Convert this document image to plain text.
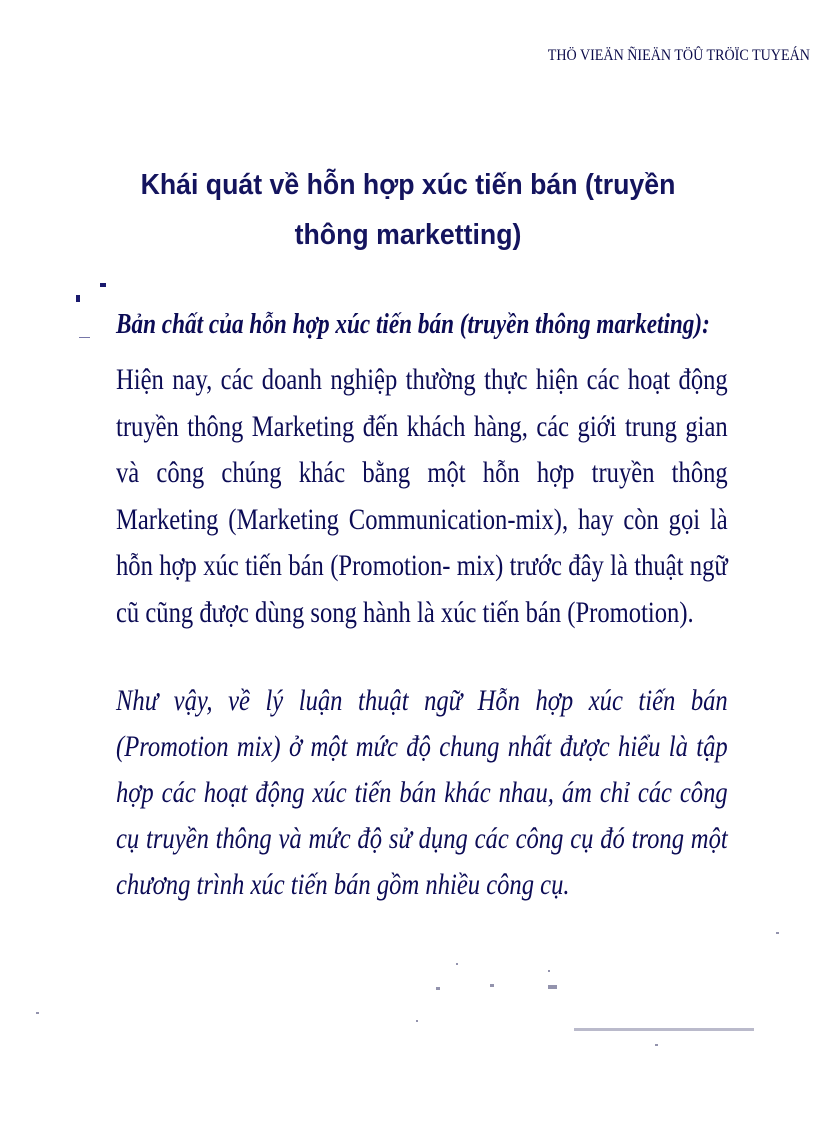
THÖ VIEÄN ÑIEÄN TÖÛ TRÖÏC TUYEÁN
Khái quát về hỗn hợp xúc tiến bán (truyền thông marketting)
Bản chất của hỗn hợp xúc tiến bán (truyền thông marketing):
Hiện nay, các doanh nghiệp thường thực hiện các hoạt động truyền thông Marketing đến khách hàng, các giới trung gian và công chúng khác bằng một hỗn hợp truyền thông Marketing (Marketing Communication-mix), hay còn gọi là hỗn hợp xúc tiến bán (Promotion- mix) trước đây là thuật ngữ cũ cũng được dùng song hành là xúc tiến bán (Promotion).
Như vậy, về lý luận thuật ngữ Hỗn hợp xúc tiến bán (Promotion mix) ở một mức độ chung nhất được hiểu là tập hợp các hoạt động xúc tiến bán khác nhau, ám chỉ các công cụ truyền thông và mức độ sử dụng các công cụ đó trong một chương trình xúc tiến bán gồm nhiều công cụ.
